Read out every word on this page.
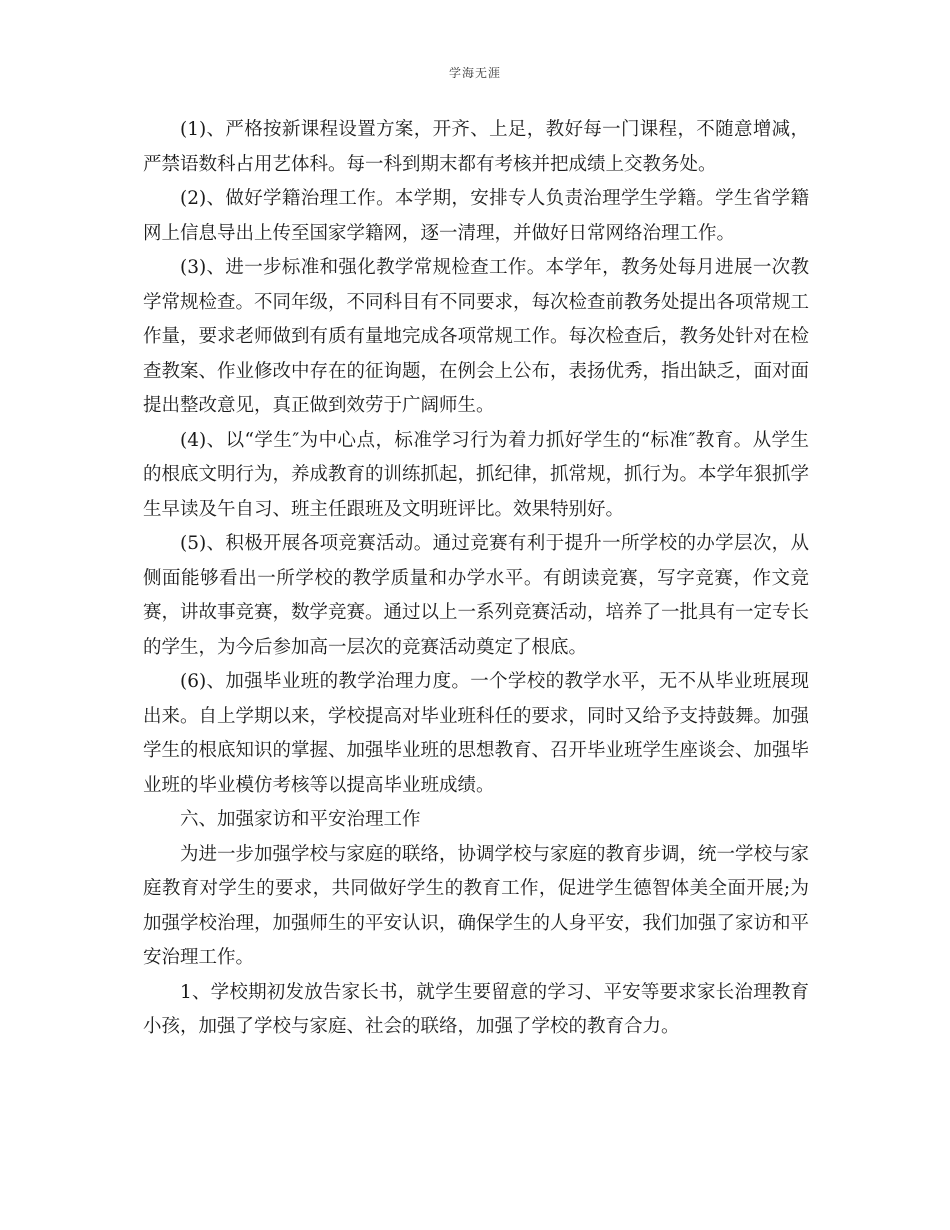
学海无涯

(1)、严格按新课程设置方案，开齐、上足，教好每一门课程，不随意增减，严禁语数科占用艺体科。每一科到期末都有考核并把成绩上交教务处。

(2)、做好学籍治理工作。本学期，安排专人负责治理学生学籍。学生省学籍网上信息导出上传至国家学籍网，逐一清理，并做好日常网络治理工作。

(3)、进一步标准和强化教学常规检查工作。本学年，教务处每月进展一次教学常规检查。不同年级，不同科目有不同要求，每次检查前教务处提出各项常规工作量，要求老师做到有质有量地完成各项常规工作。每次检查后，教务处针对在检查教案、作业修改中存在的征询题，在例会上公布，表扬优秀，指出缺乏，面对面提出整改意见，真正做到效劳于广阔师生。

(4)、以“学生″为中心点，标准学习行为着力抓好学生的“标准″教育。从学生的根底文明行为，养成教育的训练抓起，抓纪律，抓常规，抓行为。本学年狠抓学生早读及午自习、班主任跟班及文明班评比。效果特别好。

(5)、积极开展各项竞赛活动。通过竞赛有利于提升一所学校的办学层次，从侧面能够看出一所学校的教学质量和办学水平。有朗读竞赛，写字竞赛，作文竞赛，讲故事竞赛，数学竞赛。通过以上一系列竞赛活动，培养了一批具有一定专长的学生，为今后参加高一层次的竞赛活动奠定了根底。

(6)、加强毕业班的教学治理力度。一个学校的教学水平，无不从毕业班展现出来。自上学期以来，学校提高对毕业班科任的要求，同时又给予支持鼓舞。加强学生的根底知识的掌握、加强毕业班的思想教育、召开毕业班学生座谈会、加强毕业班的毕业模仿考核等以提高毕业班成绩。

六、加强家访和平安治理工作

为进一步加强学校与家庭的联络，协调学校与家庭的教育步调，统一学校与家庭教育对学生的要求，共同做好学生的教育工作，促进学生德智体美全面开展;为加强学校治理，加强师生的平安认识，确保学生的人身平安，我们加强了家访和平安治理工作。

1、学校期初发放告家长书，就学生要留意的学习、平安等要求家长治理教育小孩，加强了学校与家庭、社会的联络，加强了学校的教育合力。
